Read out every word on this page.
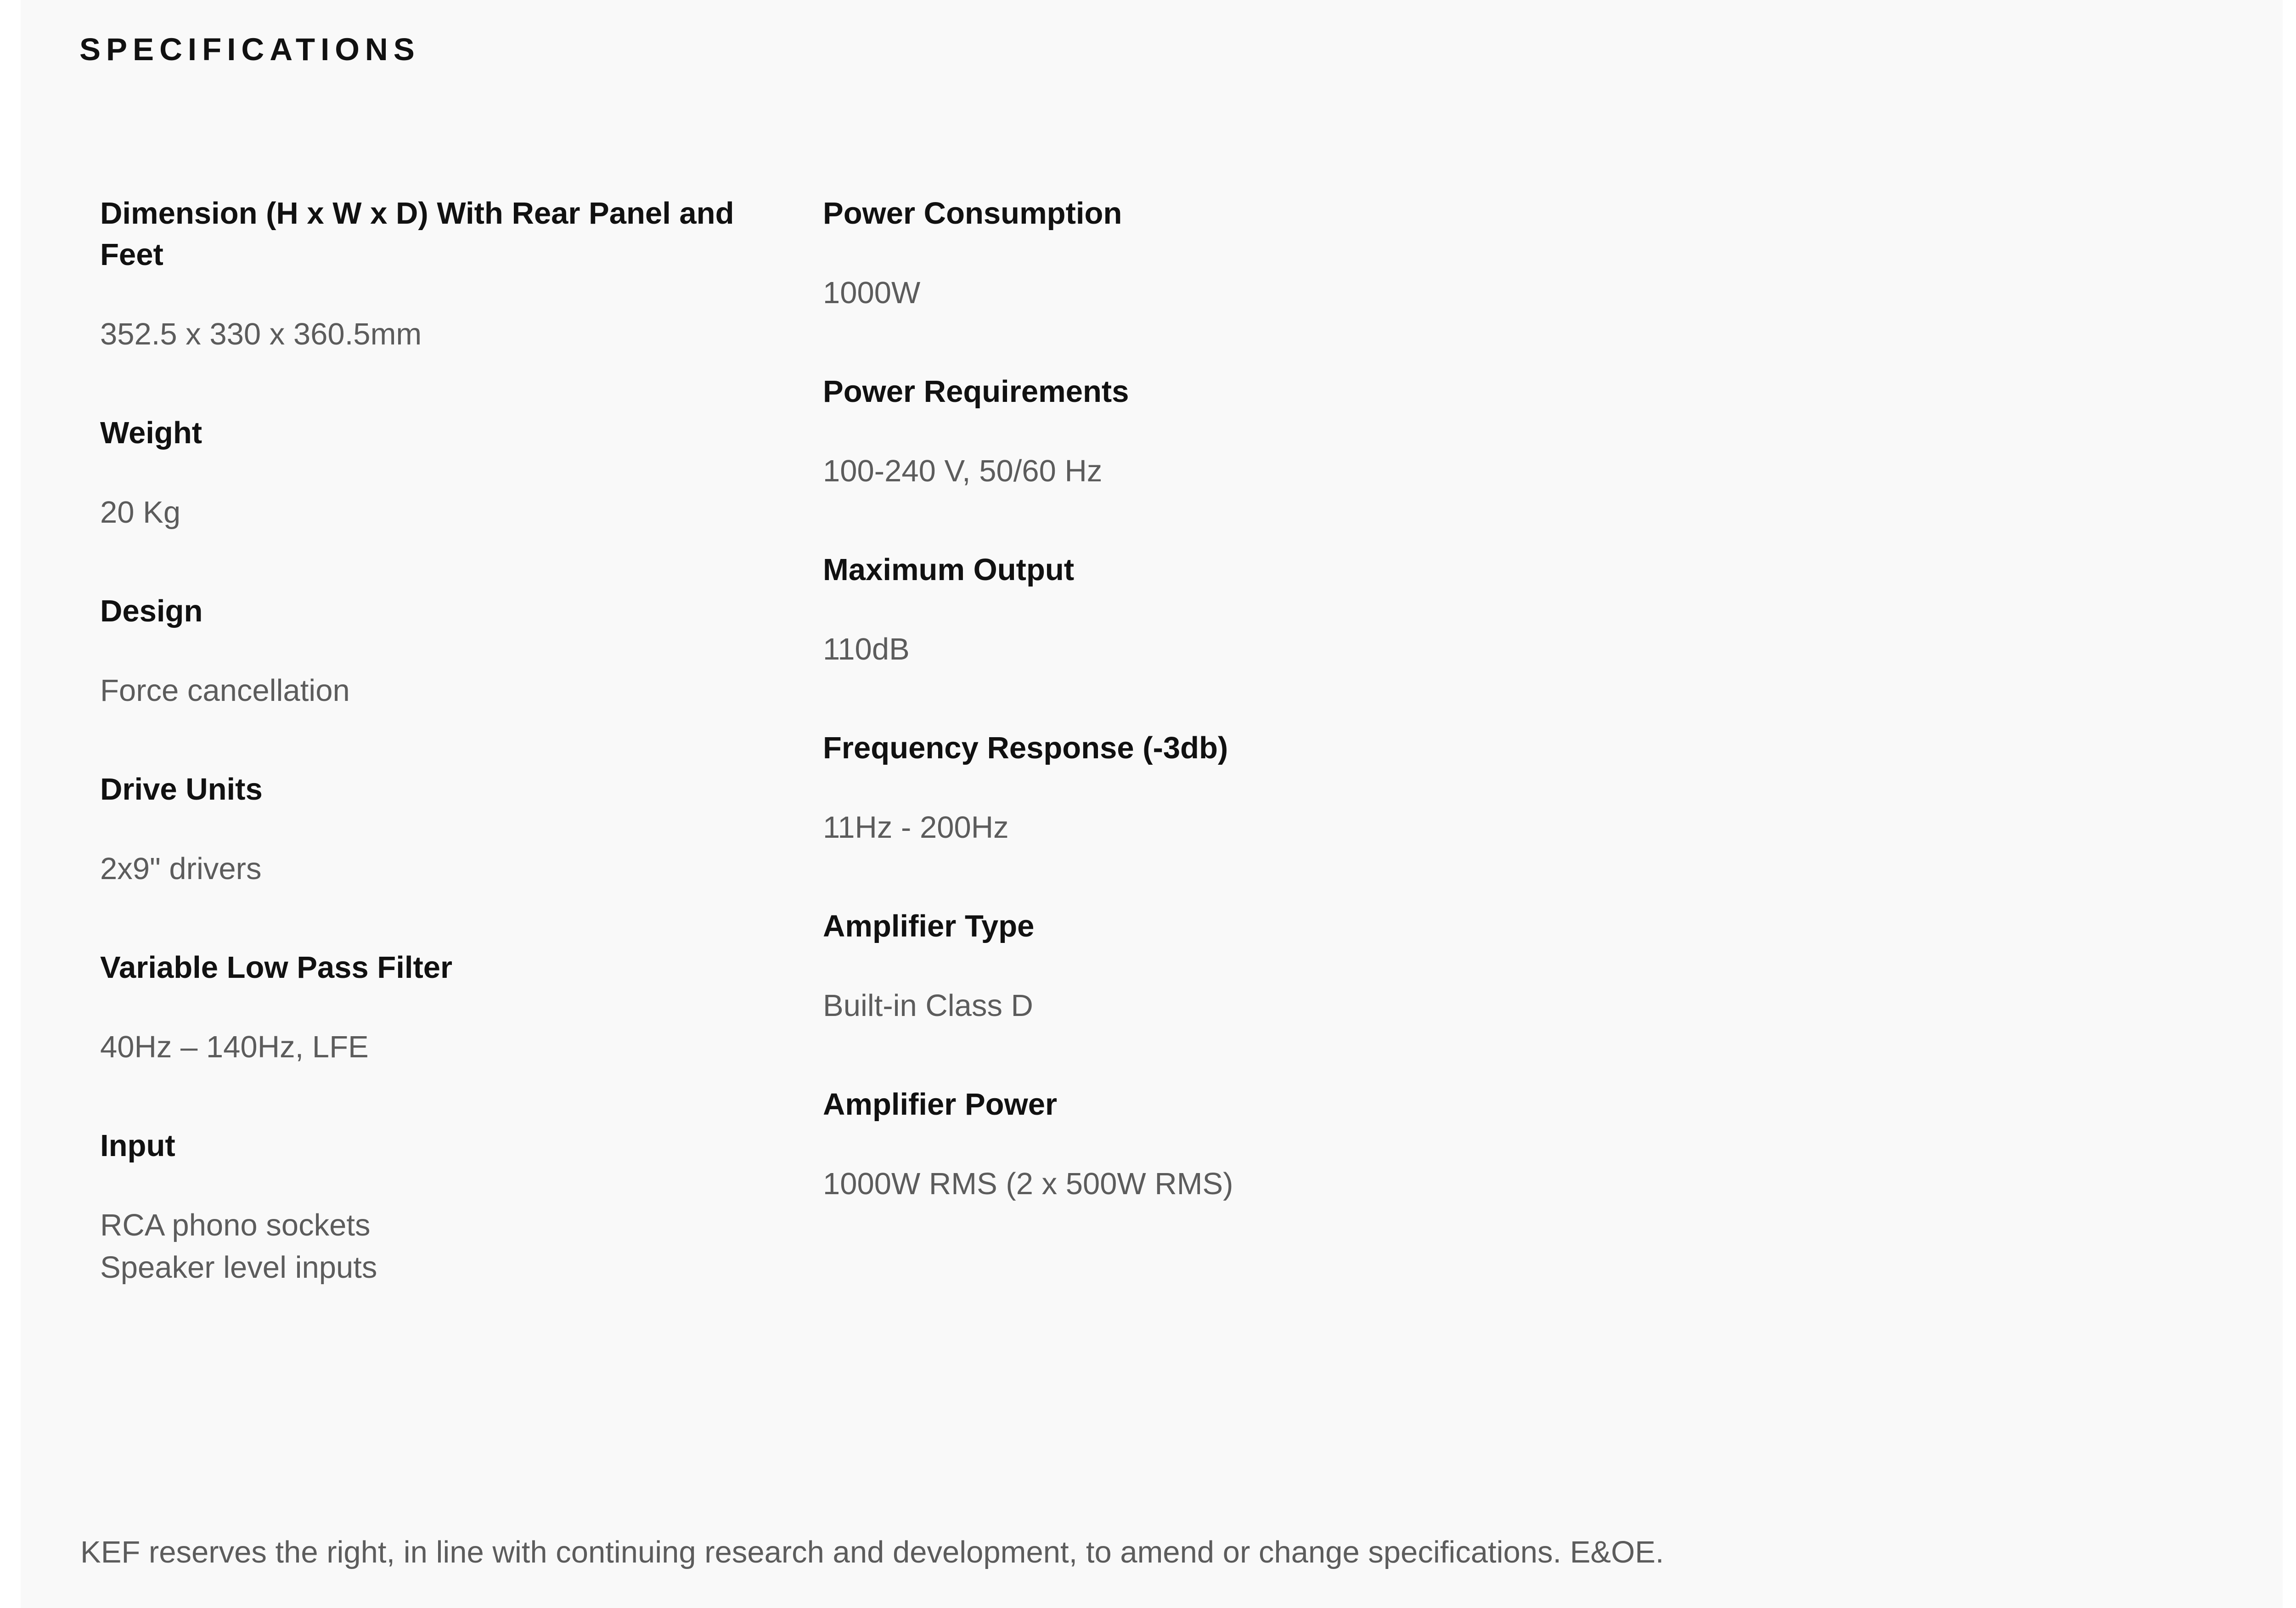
SPECIFICATIONS
Dimension (H x W x D) With Rear Panel and Feet
352.5 x 330 x 360.5mm
Weight
20 Kg
Design
Force cancellation
Drive Units
2x9" drivers
Variable Low Pass Filter
40Hz – 140Hz, LFE
Input
RCA phono sockets
Speaker level inputs
Power Consumption
1000W
Power Requirements
100-240 V, 50/60 Hz
Maximum Output
110dB
Frequency Response (-3db)
11Hz - 200Hz
Amplifier Type
Built-in Class D
Amplifier Power
1000W RMS (2 x 500W RMS)

KEF reserves the right, in line with continuing research and development, to amend or change specifications. E&OE.
